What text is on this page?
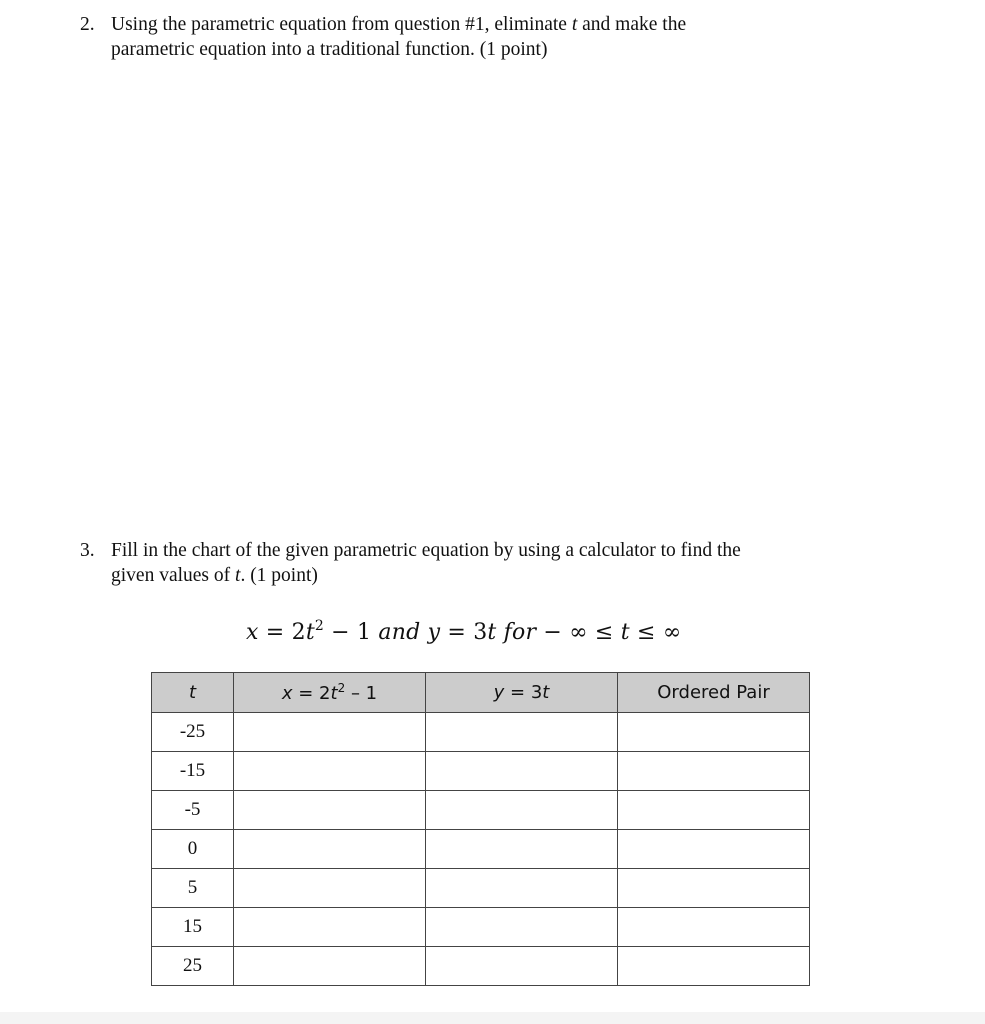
2. Using the parametric equation from question #1, eliminate t and make the
parametric equation into a traditional function. (1 point)
3. Fill in the chart of the given parametric equation by using a calculator to find the
given values of t. (1 point)
$x = 2t^2 - 1$ and y = 3t for − ∞ ≤ t ≤ ∞
t	$x = 2t^2 - 1$	y = 3t	Ordered Pair
-25			
-15			
-5			
0			
5			
15			
25			
